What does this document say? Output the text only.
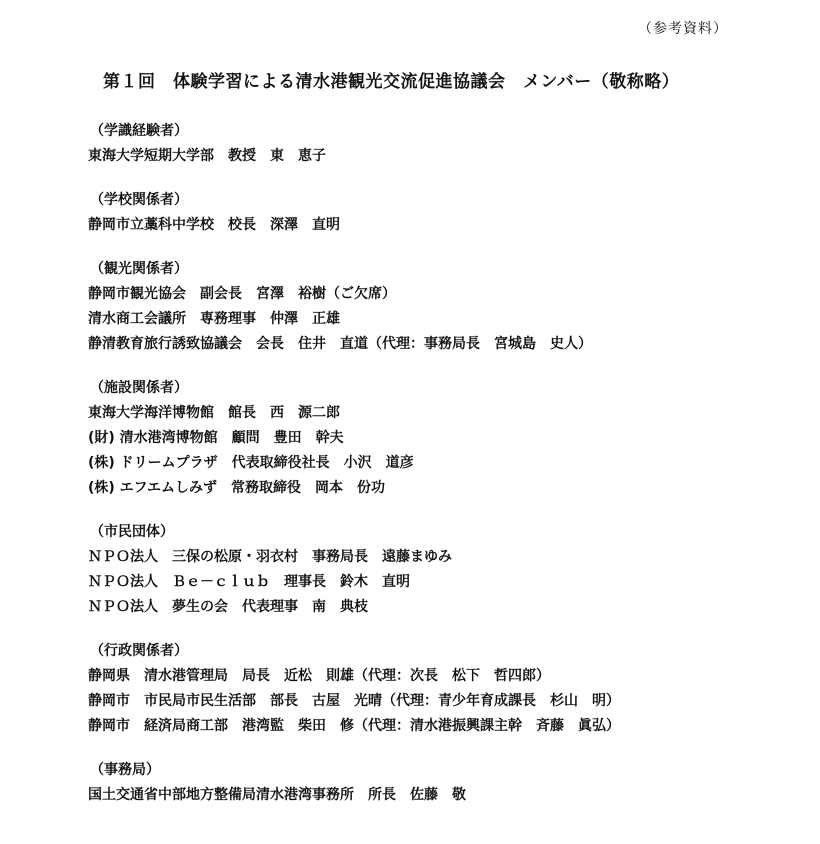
（参考資料）
第１回　体験学習による清水港観光交流促進協議会　メンバー（敬称略）
（学識経験者）
東海大学短期大学部　教授　東　恵子
（学校関係者）
静岡市立藁科中学校　校長　深澤　直明
（観光関係者）
静岡市観光協会　副会長　宮澤　裕樹（ご欠席）
清水商工会議所　専務理事　仲澤　正雄
静清教育旅行誘致協議会　会長　住井　直道（代理：事務局長　宮城島　史人）
（施設関係者）
東海大学海洋博物館　館長　西　源二郎
(財) 清水港湾博物館　顧問　豊田　幹夫
(株) ドリームプラザ　代表取締役社長　小沢　道彦
(株) エフエムしみず　常務取締役　岡本　份功
（市民団体）
ＮＰＯ法人　三保の松原・羽衣村　事務局長　遠藤まゆみ
ＮＰＯ法人　Ｂｅ－ｃｌｕｂ　理事長　鈴木　直明
ＮＰＯ法人　夢生の会　代表理事　南　典枝
（行政関係者）
静岡県　清水港管理局　局長　近松　則雄（代理：次長　松下　哲四郎）
静岡市　市民局市民生活部　部長　古屋　光晴（代理：青少年育成課長　杉山　明）
静岡市　経済局商工部　港湾監　柴田　修（代理：清水港振興課主幹　斉藤　眞弘）
（事務局）
国土交通省中部地方整備局清水港湾事務所　所長　佐藤　敬
